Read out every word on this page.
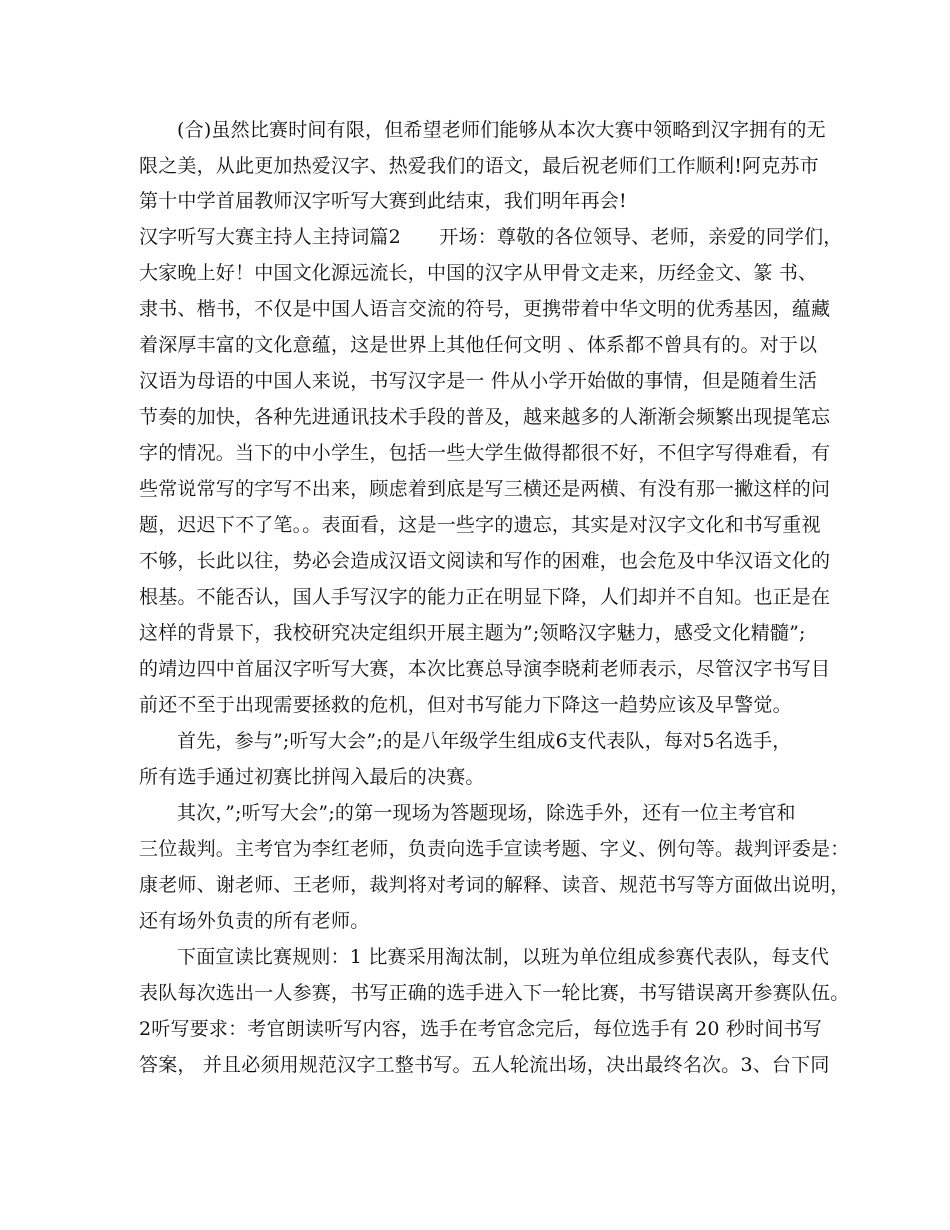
(合)虽然比赛时间有限，但希望老师们能够从本次大赛中领略到汉字拥有的无
限之美，从此更加热爱汉字、热爱我们的语文，最后祝老师们工作顺利!阿克苏市
第十中学首届教师汉字听写大赛到此结束，我们明年再会!
汉字听写大赛主持人主持词篇2　　开场：尊敬的各位领导、老师，亲爱的同学们，
大家晚上好！中国文化源远流长，中国的汉字从甲骨文走来，历经金文、篆 书、
隶书、楷书，不仅是中国人语言交流的符号，更携带着中华文明的优秀基因，蕴藏
着深厚丰富的文化意蕴，这是世界上其他任何文明 、体系都不曾具有的。对于以
汉语为母语的中国人来说，书写汉字是一 件从小学开始做的事情，但是随着生活
节奏的加快，各种先进通讯技术手段的普及，越来越多的人渐渐会频繁出现提笔忘
字的情况。当下的中小学生，包括一些大学生做得都很不好，不但字写得难看，有
些常说常写的字写不出来，顾虑着到底是写三横还是两横、有没有那一撇这样的问
题，迟迟下不了笔。。表面看，这是一些字的遗忘，其实是对汉字文化和书写重视
不够，长此以往，势必会造成汉语文阅读和写作的困难，也会危及中华汉语文化的
根基。不能否认，国人手写汉字的能力正在明显下降，人们却并不自知。也正是在
这样的背景下，我校研究决定组织开展主题为”;领略汉字魅力，感受文化精髓”;
的靖边四中首届汉字听写大赛，本次比赛总导演李晓莉老师表示，尽管汉字书写目
前还不至于出现需要拯救的危机，但对书写能力下降这一趋势应该及早警觉。
首先，参与”;听写大会”;的是八年级学生组成6支代表队，每对5名选手，
所有选手通过初赛比拼闯入最后的决赛。
其次，”;听写大会”;的第一现场为答题现场，除选手外，还有一位主考官和
三位裁判。主考官为李红老师，负责向选手宣读考题、字义、例句等。裁判评委是：
康老师、谢老师、王老师，裁判将对考词的解释、读音、规范书写等方面做出说明，
还有场外负责的所有老师。
下面宣读比赛规则：1 比赛采用淘汰制，以班为单位组成参赛代表队，每支代
表队每次选出一人参赛，书写正确的选手进入下一轮比赛，书写错误离开参赛队伍。
2听写要求：考官朗读听写内容，选手在考官念完后，每位选手有 20 秒时间书写
答案， 并且必须用规范汉字工整书写。五人轮流出场，决出最终名次。3、台下同
